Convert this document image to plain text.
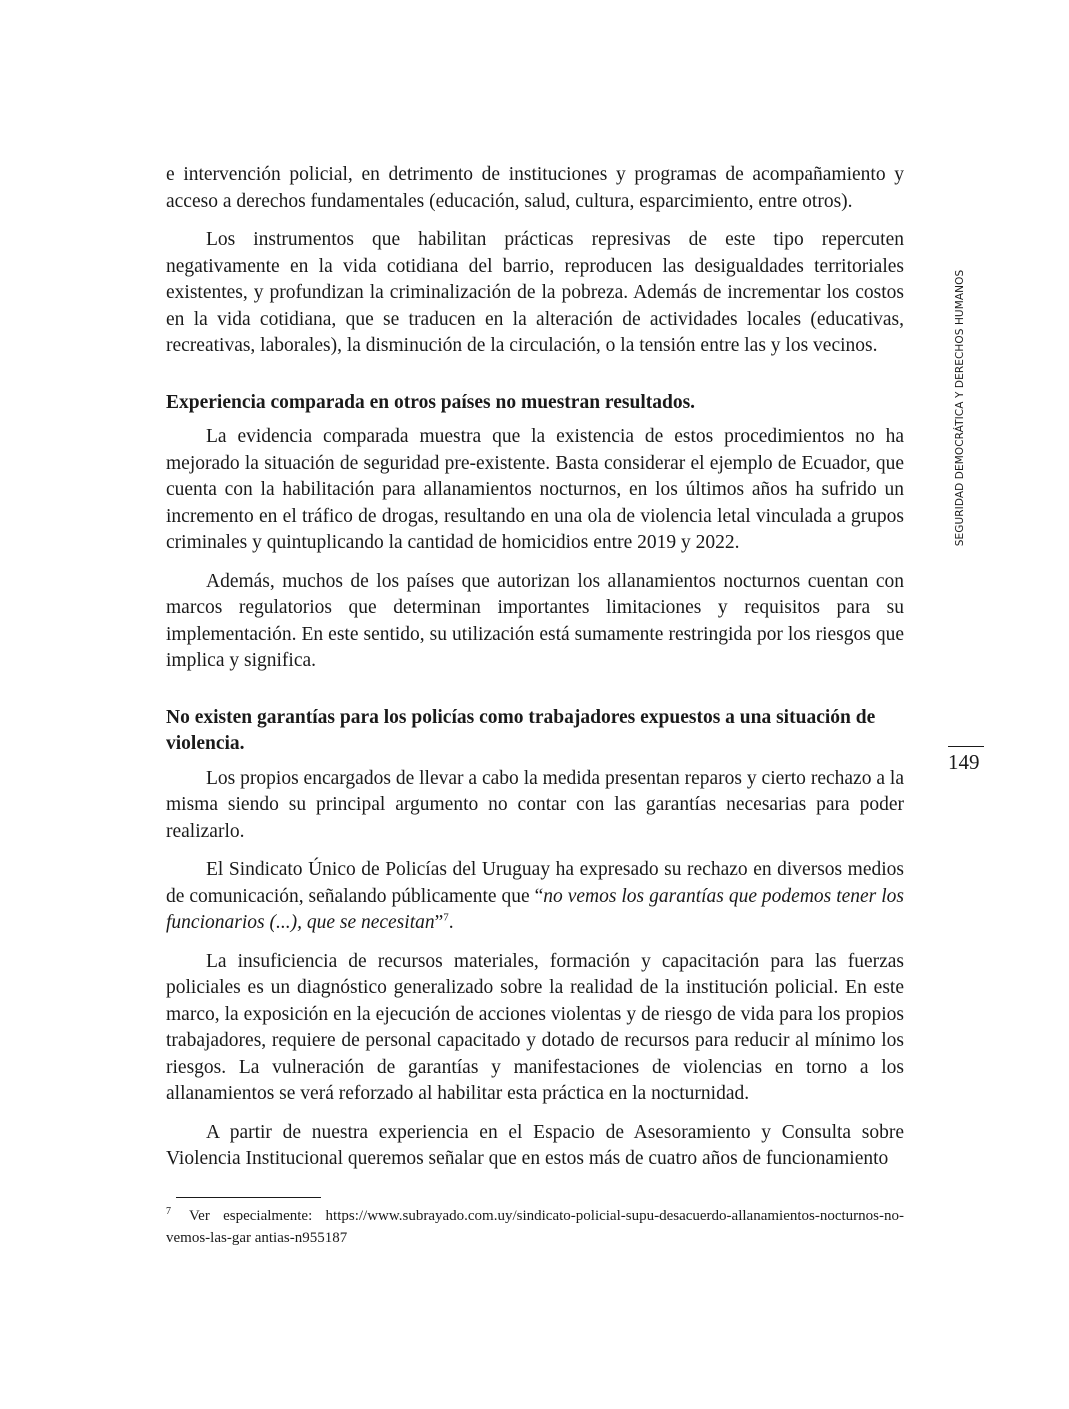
e intervención policial, en detrimento de instituciones y programas de acompañamiento y acceso a derechos fundamentales (educación, salud, cultura, esparcimiento, entre otros).

Los instrumentos que habilitan prácticas represivas de este tipo repercuten negativamente en la vida cotidiana del barrio, reproducen las desigualdades territoriales existentes, y profundizan la criminalización de la pobreza. Además de incrementar los costos en la vida cotidiana, que se traducen en la alteración de actividades locales (educativas, recreativas, laborales), la disminución de la circulación, o la tensión entre las y los vecinos.

Experiencia comparada en otros países no muestran resultados.

La evidencia comparada muestra que la existencia de estos procedimientos no ha mejorado la situación de seguridad pre-existente. Basta considerar el ejemplo de Ecuador, que cuenta con la habilitación para allanamientos nocturnos, en los últimos años ha sufrido un incremento en el tráfico de drogas, resultando en una ola de violencia letal vinculada a grupos criminales y quintuplicando la cantidad de homicidios entre 2019 y 2022.

Además, muchos de los países que autorizan los allanamientos nocturnos cuentan con marcos regulatorios que determinan importantes limitaciones y requisitos para su implementación. En este sentido, su utilización está sumamente restringida por los riesgos que implica y significa.

No existen garantías para los policías como trabajadores expuestos a una situación de violencia.

Los propios encargados de llevar a cabo la medida presentan reparos y cierto rechazo a la misma siendo su principal argumento no contar con las garantías necesarias para poder realizarlo.

El Sindicato Único de Policías del Uruguay ha expresado su rechazo en diversos medios de comunicación, señalando públicamente que “no vemos los garantías que podemos tener los funcionarios (...), que se necesitan”$^7$.

La insuficiencia de recursos materiales, formación y capacitación para las fuerzas policiales es un diagnóstico generalizado sobre la realidad de la institución policial. En este marco, la exposición en la ejecución de acciones violentas y de riesgo de vida para los propios trabajadores, requiere de personal capacitado y dotado de recursos para reducir al mínimo los riesgos. La vulneración de garantías y manifestaciones de violencias en torno a los allanamientos se verá reforzado al habilitar esta práctica en la nocturnidad.

A partir de nuestra experiencia en el Espacio de Asesoramiento y Consulta sobre Violencia Institucional queremos señalar que en estos más de cuatro años de funcionamiento

$^7$ Ver especialmente: https://www.subrayado.com.uy/sindicato-policial-supu-desacuerdo-allanamientos-nocturnos-no-vemos-las-gar antias-n955187
SEGURIDAD DEMOCRÁTICA Y DERECHOS HUMANOS
149
